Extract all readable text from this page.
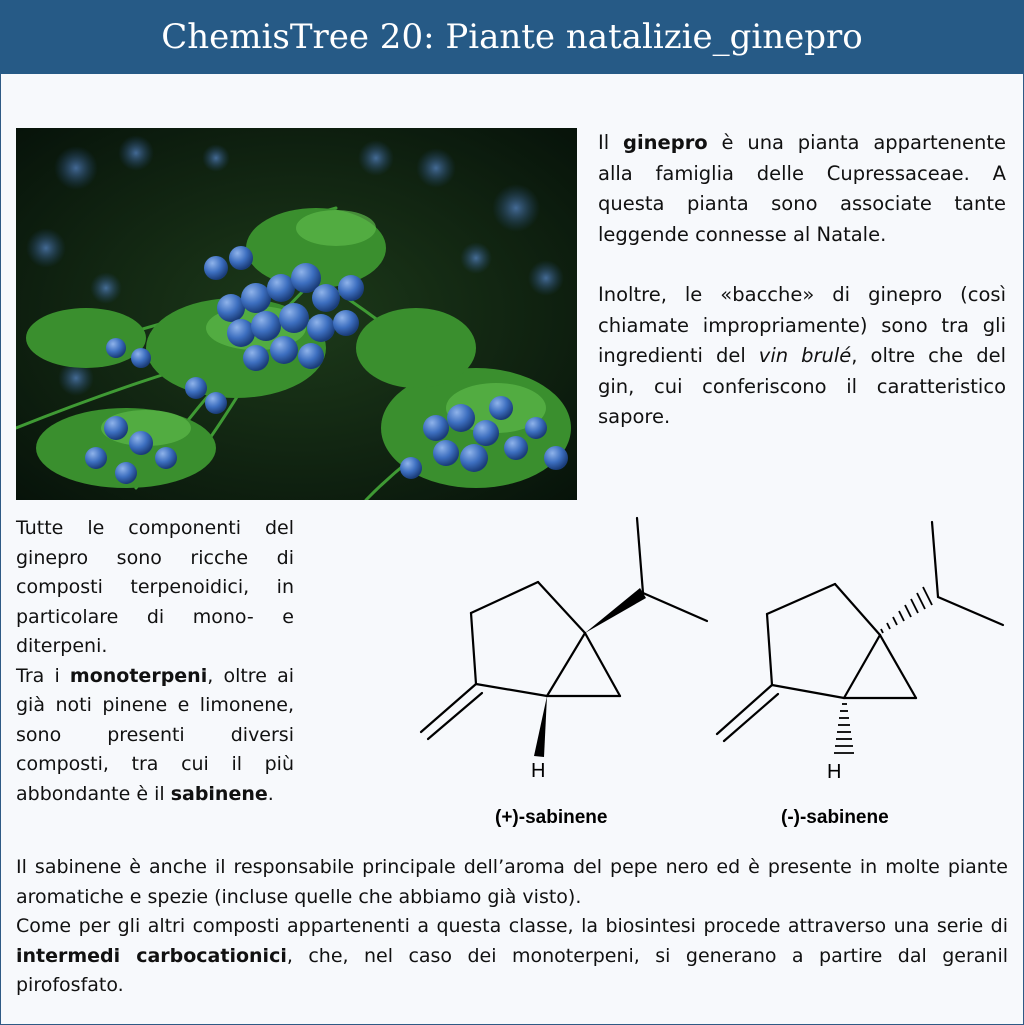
ChemisTree 20: Piante natalizie_ginepro

Il ginepro è una pianta appartenente alla famiglia delle Cupressaceae. A questa pianta sono associate tante leggende connesse al Natale.

Inoltre, le «bacche» di ginepro (così chiamate impropriamente) sono tra gli ingredienti del vin brulé, oltre che del gin, cui conferiscono il caratteristico sapore.

Tutte le componenti del ginepro sono ricche di composti terpenoidici, in particolare di mono- e diterpeni.

Tra i monoterpeni, oltre ai già noti pinene e limonene, sono presenti diversi composti, tra cui il più abbondante è il sabinene.

H	H
(+)-sabinene	(-)-sabinene

Il sabinene è anche il responsabile principale dell’aroma del pepe nero ed è presente in molte piante aromatiche e spezie (incluse quelle che abbiamo già visto).

Come per gli altri composti appartenenti a questa classe, la biosintesi procede attraverso una serie di intermedi carbocationici, che, nel caso dei monoterpeni, si generano a partire dal geranil pirofosfato.
